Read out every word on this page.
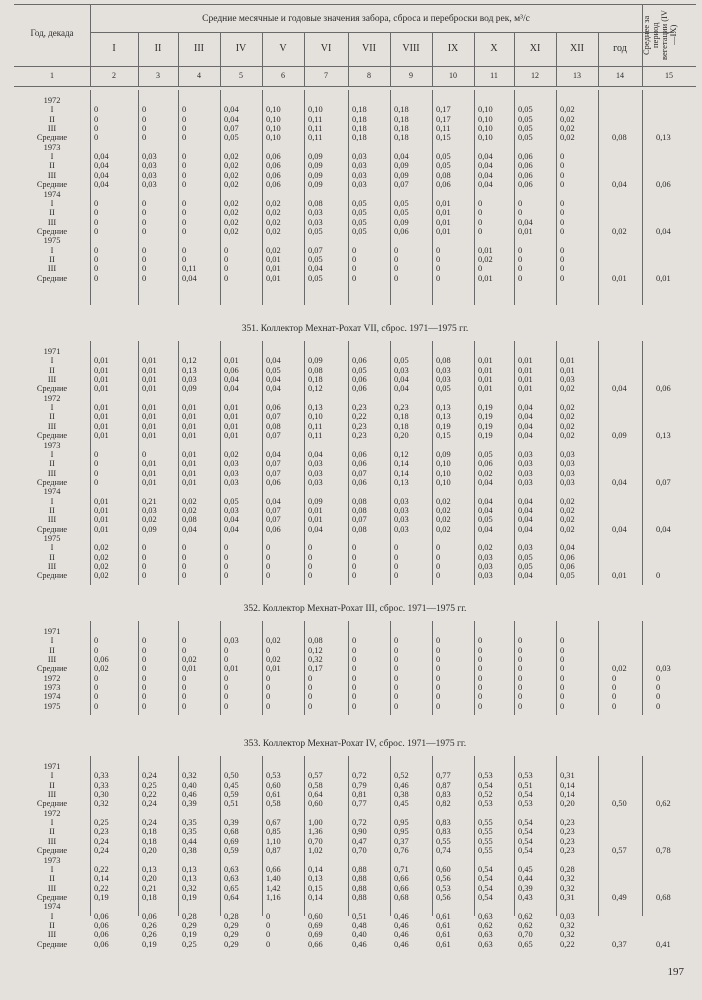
Год, декада
Средние месячные и годовые значения забора, сброса и переброски вод рек, м³/с
I	II	III	IV	V	VI	VII	VIII	IX	X	XI	XII	год	Среднее за период вегетации (IV—IX)
1	2	3	4	5	6	7	8	9	10	11	12	13	14	15
1972
I	0	0	0	0,04	0,10	0,10	0,18	0,18	0,17	0,10	0,05	0,02
II	0	0	0	0,04	0,10	0,11	0,18	0,18	0,17	0,10	0,05	0,02
III	0	0	0	0,07	0,10	0,11	0,18	0,18	0,11	0,10	0,05	0,02
Средние	0	0	0	0,05	0,10	0,11	0,18	0,18	0,15	0,10	0,05	0,02	0,08	0,13
1973
I	0,04	0,03	0	0,02	0,06	0,09	0,03	0,04	0,05	0,04	0,06	0
II	0,04	0,03	0	0,02	0,06	0,09	0,03	0,09	0,05	0,04	0,06	0
III	0,04	0,03	0	0,02	0,06	0,09	0,03	0,09	0,08	0,04	0,06	0
Средние	0,04	0,03	0	0,02	0,06	0,09	0,03	0,07	0,06	0,04	0,06	0	0,04	0,06
1974
I	0	0	0	0,02	0,02	0,08	0,05	0,05	0,01	0	0	0
II	0	0	0	0,02	0,02	0,03	0,05	0,05	0,01	0	0	0
III	0	0	0	0,02	0,02	0,03	0,05	0,09	0,01	0	0,04	0
Средние	0	0	0	0,02	0,02	0,05	0,05	0,06	0,01	0	0,01	0	0,02	0,04
1975
I	0	0	0	0	0,02	0,07	0	0	0	0,01	0	0
II	0	0	0	0	0,01	0,05	0	0	0	0,02	0	0
III	0	0	0,11	0	0,01	0,04	0	0	0	0	0	0
Средние	0	0	0,04	0	0,01	0,05	0	0	0	0,01	0	0	0,01	0,01
351. Коллектор Мехнат-Рохат VII, сброс. 1971—1975 гг.
1971
I	0,01	0,01	0,12	0,01	0,04	0,09	0,06	0,05	0,08	0,01	0,01	0,01
II	0,01	0,01	0,13	0,06	0,05	0,08	0,05	0,03	0,03	0,01	0,01	0,01
III	0,01	0,01	0,03	0,04	0,04	0,18	0,06	0,04	0,03	0,01	0,01	0,03
Средние	0,01	0,01	0,09	0,04	0,04	0,12	0,06	0,04	0,05	0,01	0,01	0,02	0,04	0,06
1972
I	0,01	0,01	0,01	0,01	0,06	0,13	0,23	0,23	0,13	0,19	0,04	0,02
II	0,01	0,01	0,01	0,01	0,07	0,10	0,22	0,18	0,13	0,19	0,04	0,02
III	0,01	0,01	0,01	0,01	0,08	0,11	0,23	0,18	0,19	0,19	0,04	0,02
Средние	0,01	0,01	0,01	0,01	0,07	0,11	0,23	0,20	0,15	0,19	0,04	0,02	0,09	0,13
1973
I	0	0	0,01	0,02	0,04	0,04	0,06	0,12	0,09	0,05	0,03	0,03
II	0	0,01	0,01	0,03	0,07	0,03	0,06	0,14	0,10	0,06	0,03	0,03
III	0	0,01	0,01	0,03	0,07	0,03	0,07	0,14	0,10	0,02	0,03	0,03
Средние	0	0,01	0,01	0,03	0,06	0,03	0,06	0,13	0,10	0,04	0,03	0,03	0,04	0,07
1974
I	0,01	0,21	0,02	0,05	0,04	0,09	0,08	0,03	0,02	0,04	0,04	0,02
II	0,01	0,03	0,02	0,03	0,07	0,01	0,08	0,03	0,02	0,04	0,04	0,02
III	0,01	0,02	0,08	0,04	0,07	0,01	0,07	0,03	0,02	0,05	0,04	0,02
Средние	0,01	0,09	0,04	0,04	0,06	0,04	0,08	0,03	0,02	0,04	0,04	0,02	0,04	0,04
1975
I	0,02	0	0	0	0	0	0	0	0	0,02	0,03	0,04
II	0,02	0	0	0	0	0	0	0	0	0,03	0,05	0,06
III	0,02	0	0	0	0	0	0	0	0	0,03	0,05	0,06
Средние	0,02	0	0	0	0	0	0	0	0	0,03	0,04	0,05	0,01	0
352. Коллектор Мехнат-Рохат III, сброс. 1971—1975 гг.
1971
I	0	0	0	0,03	0,02	0,08	0	0	0	0	0	0
II	0	0	0	0	0	0,12	0	0	0	0	0	0
III	0,06	0	0,02	0	0,02	0,32	0	0	0	0	0	0
Средние	0,02	0	0,01	0,01	0,01	0,17	0	0	0	0	0	0	0,02	0,03
1972	0	0	0	0	0	0	0	0	0	0	0	0	0	0
1973	0	0	0	0	0	0	0	0	0	0	0	0	0	0
1974	0	0	0	0	0	0	0	0	0	0	0	0	0	0
1975	0	0	0	0	0	0	0	0	0	0	0	0	0	0
353. Коллектор Мехнат-Рохат IV, сброс. 1971—1975 гг.
1971
I	0,33	0,24	0,32	0,50	0,53	0,57	0,72	0,52	0,77	0,53	0,53	0,31
II	0,33	0,25	0,40	0,45	0,60	0,58	0,79	0,46	0,87	0,54	0,51	0,14
III	0,30	0,22	0,46	0,59	0,61	0,64	0,81	0,38	0,83	0,52	0,54	0,14
Средние	0,32	0,24	0,39	0,51	0,58	0,60	0,77	0,45	0,82	0,53	0,53	0,20	0,50	0,62
1972
I	0,25	0,24	0,35	0,39	0,67	1,00	0,72	0,95	0,83	0,55	0,54	0,23
II	0,23	0,18	0,35	0,68	0,85	1,36	0,90	0,95	0,83	0,55	0,54	0,23
III	0,24	0,18	0,44	0,69	1,10	0,70	0,47	0,37	0,55	0,55	0,54	0,23
Средние	0,24	0,20	0,38	0,59	0,87	1,02	0,70	0,76	0,74	0,55	0,54	0,23	0,57	0,78
1973
I	0,22	0,13	0,13	0,63	0,66	0,14	0,88	0,71	0,60	0,54	0,45	0,28
II	0,14	0,20	0,13	0,63	1,40	0,13	0,88	0,66	0,56	0,54	0,44	0,32
III	0,22	0,21	0,32	0,65	1,42	0,15	0,88	0,66	0,53	0,54	0,39	0,32
Средние	0,19	0,18	0,19	0,64	1,16	0,14	0,88	0,68	0,56	0,54	0,43	0,31	0,49	0,68
1974
I	0,06	0,06	0,28	0,28	0	0,60	0,51	0,46	0,61	0,63	0,62	0,03
II	0,06	0,26	0,29	0,29	0	0,69	0,48	0,46	0,61	0,62	0,62	0,32
III	0,06	0,26	0,19	0,29	0	0,69	0,40	0,46	0,61	0,63	0,70	0,32
Средние	0,06	0,19	0,25	0,29	0	0,66	0,46	0,46	0,61	0,63	0,65	0,22	0,37	0,41
197
